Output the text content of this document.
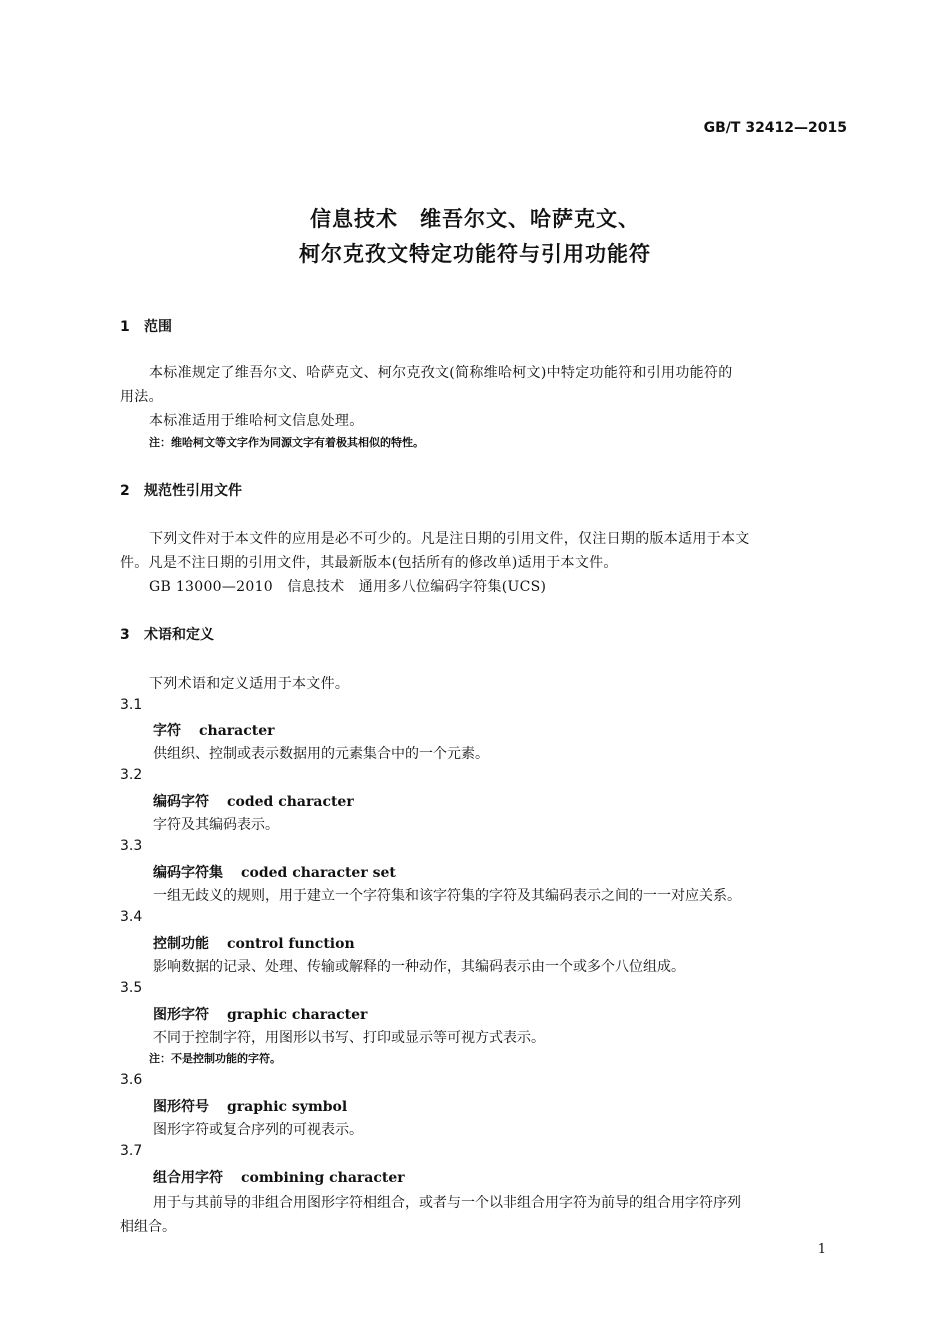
GB/T 32412—2015
信息技术　维吾尔文、哈萨克文、
柯尔克孜文特定功能符与引用功能符
1 范围
本标准规定了维吾尔文、哈萨克文、柯尔克孜文(简称维哈柯文)中特定功能符和引用功能符的
用法。
本标准适用于维哈柯文信息处理。
注：维哈柯文等文字作为同源文字有着极其相似的特性。
2 规范性引用文件
下列文件对于本文件的应用是必不可少的。凡是注日期的引用文件，仅注日期的版本适用于本文
件。凡是不注日期的引用文件，其最新版本(包括所有的修改单)适用于本文件。
GB 13000—2010　信息技术　通用多八位编码字符集(UCS)
3 术语和定义
下列术语和定义适用于本文件。
3.1
字符 character
供组织、控制或表示数据用的元素集合中的一个元素。
3.2
编码字符 coded character
字符及其编码表示。
3.3
编码字符集 coded character set
一组无歧义的规则，用于建立一个字符集和该字符集的字符及其编码表示之间的一一对应关系。
3.4
控制功能 control function
影响数据的记录、处理、传输或解释的一种动作，其编码表示由一个或多个八位组成。
3.5
图形字符 graphic character
不同于控制字符，用图形以书写、打印或显示等可视方式表示。
注：不是控制功能的字符。
3.6
图形符号 graphic symbol
图形字符或复合序列的可视表示。
3.7
组合用字符 combining character
用于与其前导的非组合用图形字符相组合，或者与一个以非组合用字符为前导的组合用字符序列
相组合。
1
